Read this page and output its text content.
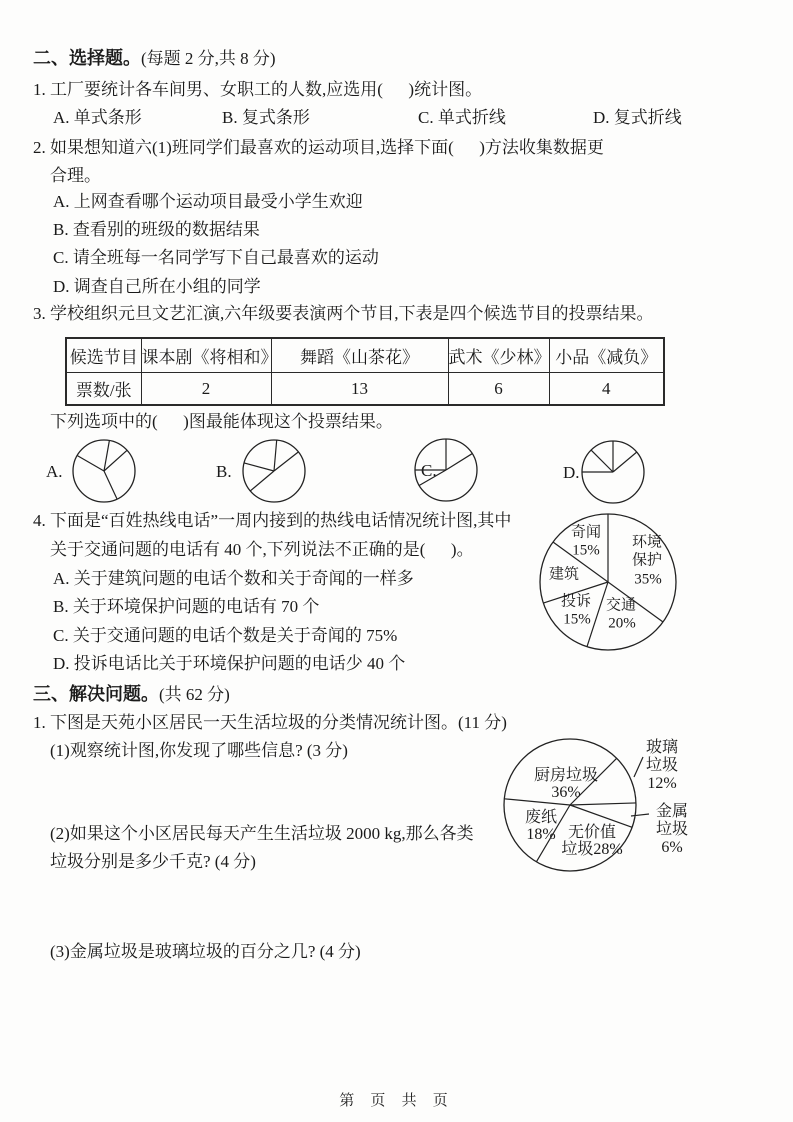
二、选择题。(每题 2 分,共 8 分)
1. 工厂要统计各车间男、女职工的人数,应选用(      )统计图。
A. 单式条形	B. 复式条形	C. 单式折线	D. 复式折线
2. 如果想知道六(1)班同学们最喜欢的运动项目,选择下面(      )方法收集数据更
合理。
A. 上网查看哪个运动项目最受小学生欢迎
B. 查看别的班级的数据结果
C. 请全班每一名同学写下自己最喜欢的运动
D. 调查自己所在小组的同学
3. 学校组织元旦文艺汇演,六年级要表演两个节目,下表是四个候选节目的投票结果。
候选节目	课本剧《将相和》	舞蹈《山茶花》	武术《少林》	小品《减负》
票数/张	2	13	6	4
下列选项中的(      )图最能体现这个投票结果。
A.	B.	C.	D.
4. 下面是“百姓热线电话”一周内接到的热线电话情况统计图,其中
关于交通问题的电话有 40 个,下列说法不正确的是(      )。
A. 关于建筑问题的电话个数和关于奇闻的一样多
B. 关于环境保护问题的电话有 70 个
C. 关于交通问题的电话个数是关于奇闻的 75%
D. 投诉电话比关于环境保护问题的电话少 40 个
奇闻
15% 环境
保护
35%
建筑
投诉
15%
交通
20%
三、解决问题。(共 62 分)
1. 下图是天苑小区居民一天生活垃圾的分类情况统计图。(11 分)
(1)观察统计图,你发现了哪些信息? (3 分)
(2)如果这个小区居民每天产生生活垃圾 2000 kg,那么各类
垃圾分别是多少千克? (4 分)
(3)金属垃圾是玻璃垃圾的百分之几? (4 分)
厨房垃圾
36%
废纸
18% 无价值
垃圾28%
玻璃
垃圾
12%
金属
垃圾
6%
第 页 共 页
